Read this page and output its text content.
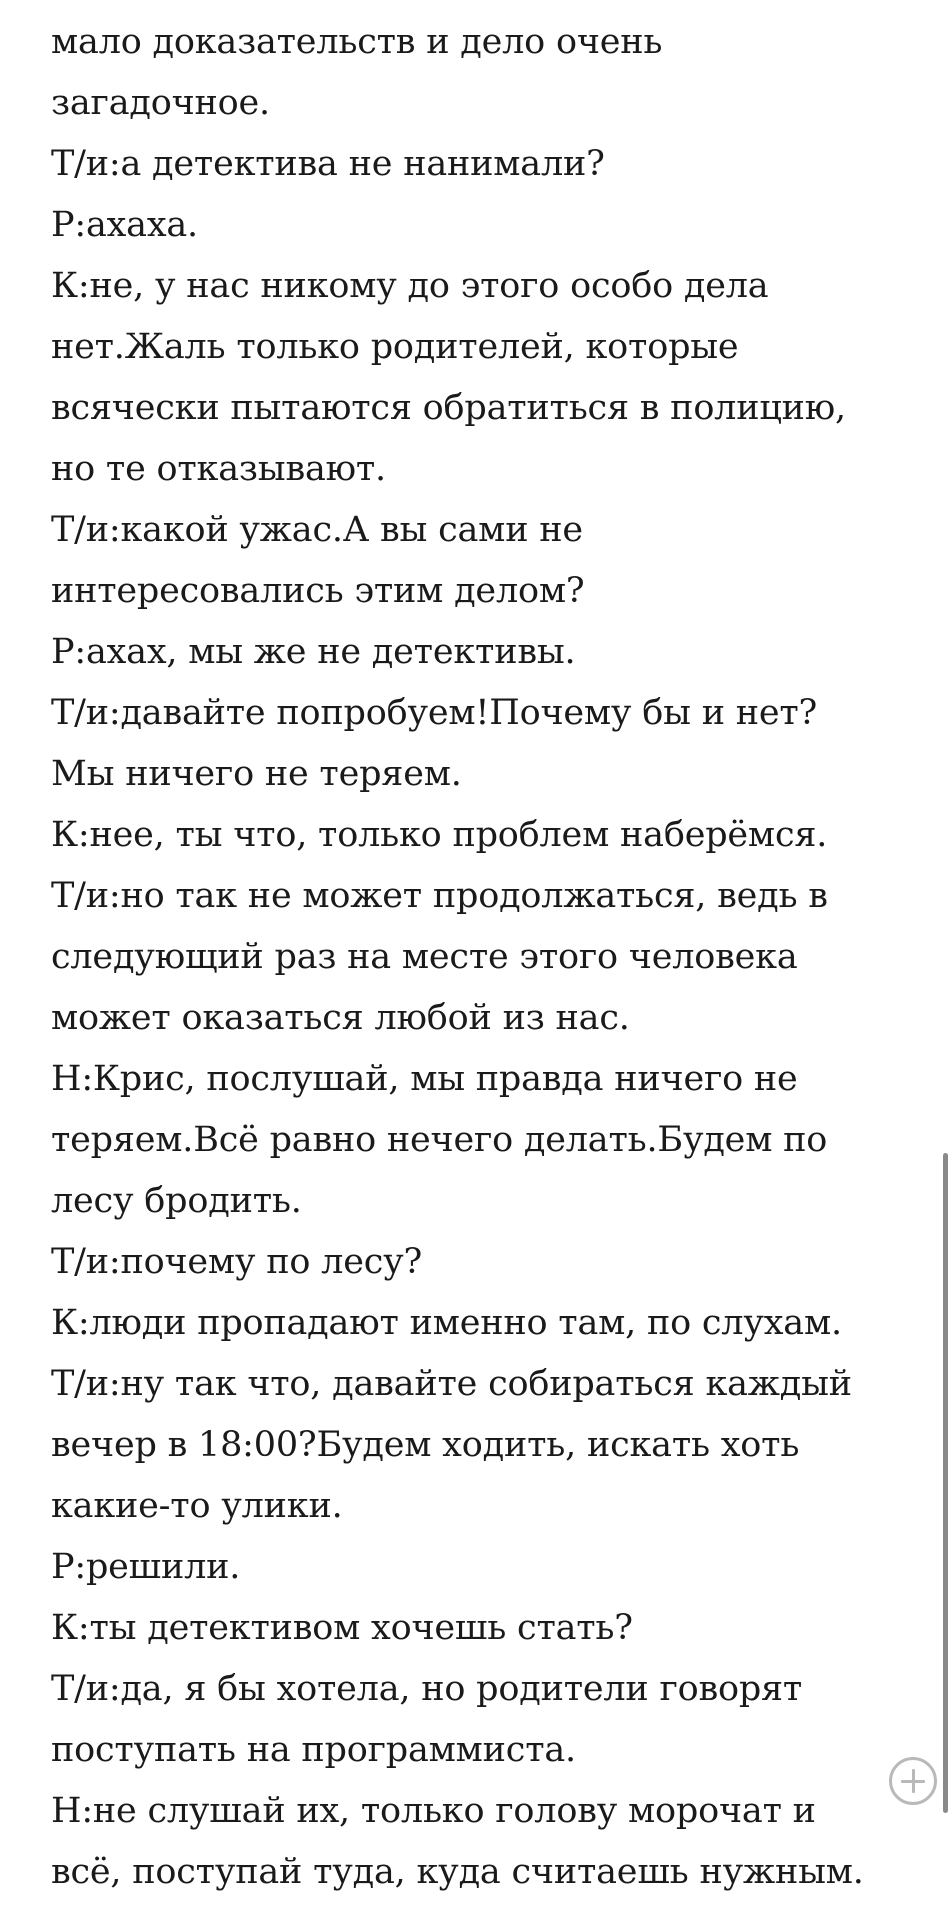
мало доказательств и дело очень
загадочное.
Т/и:а детектива не нанимали?
Р:ахаха.
К:не, у нас никому до этого особо дела
нет.Жаль только родителей, которые
всячески пытаются обратиться в полицию,
но те отказывают.
Т/и:какой ужас.А вы сами не
интересовались этим делом?
Р:ахах, мы же не детективы.
Т/и:давайте попробуем!Почему бы и нет?
Мы ничего не теряем.
К:нее, ты что, только проблем наберёмся.
Т/и:но так не может продолжаться, ведь в
следующий раз на месте этого человека
может оказаться любой из нас.
Н:Крис, послушай, мы правда ничего не
теряем.Всё равно нечего делать.Будем по
лесу бродить.
Т/и:почему по лесу?
К:люди пропадают именно там, по слухам.
Т/и:ну так что, давайте собираться каждый
вечер в 18:00?Будем ходить, искать хоть
какие-то улики.
Р:решили.
К:ты детективом хочешь стать?
Т/и:да, я бы хотела, но родители говорят
поступать на программиста.
Н:не слушай их, только голову морочат и
всё, поступай туда, куда считаешь нужным.
